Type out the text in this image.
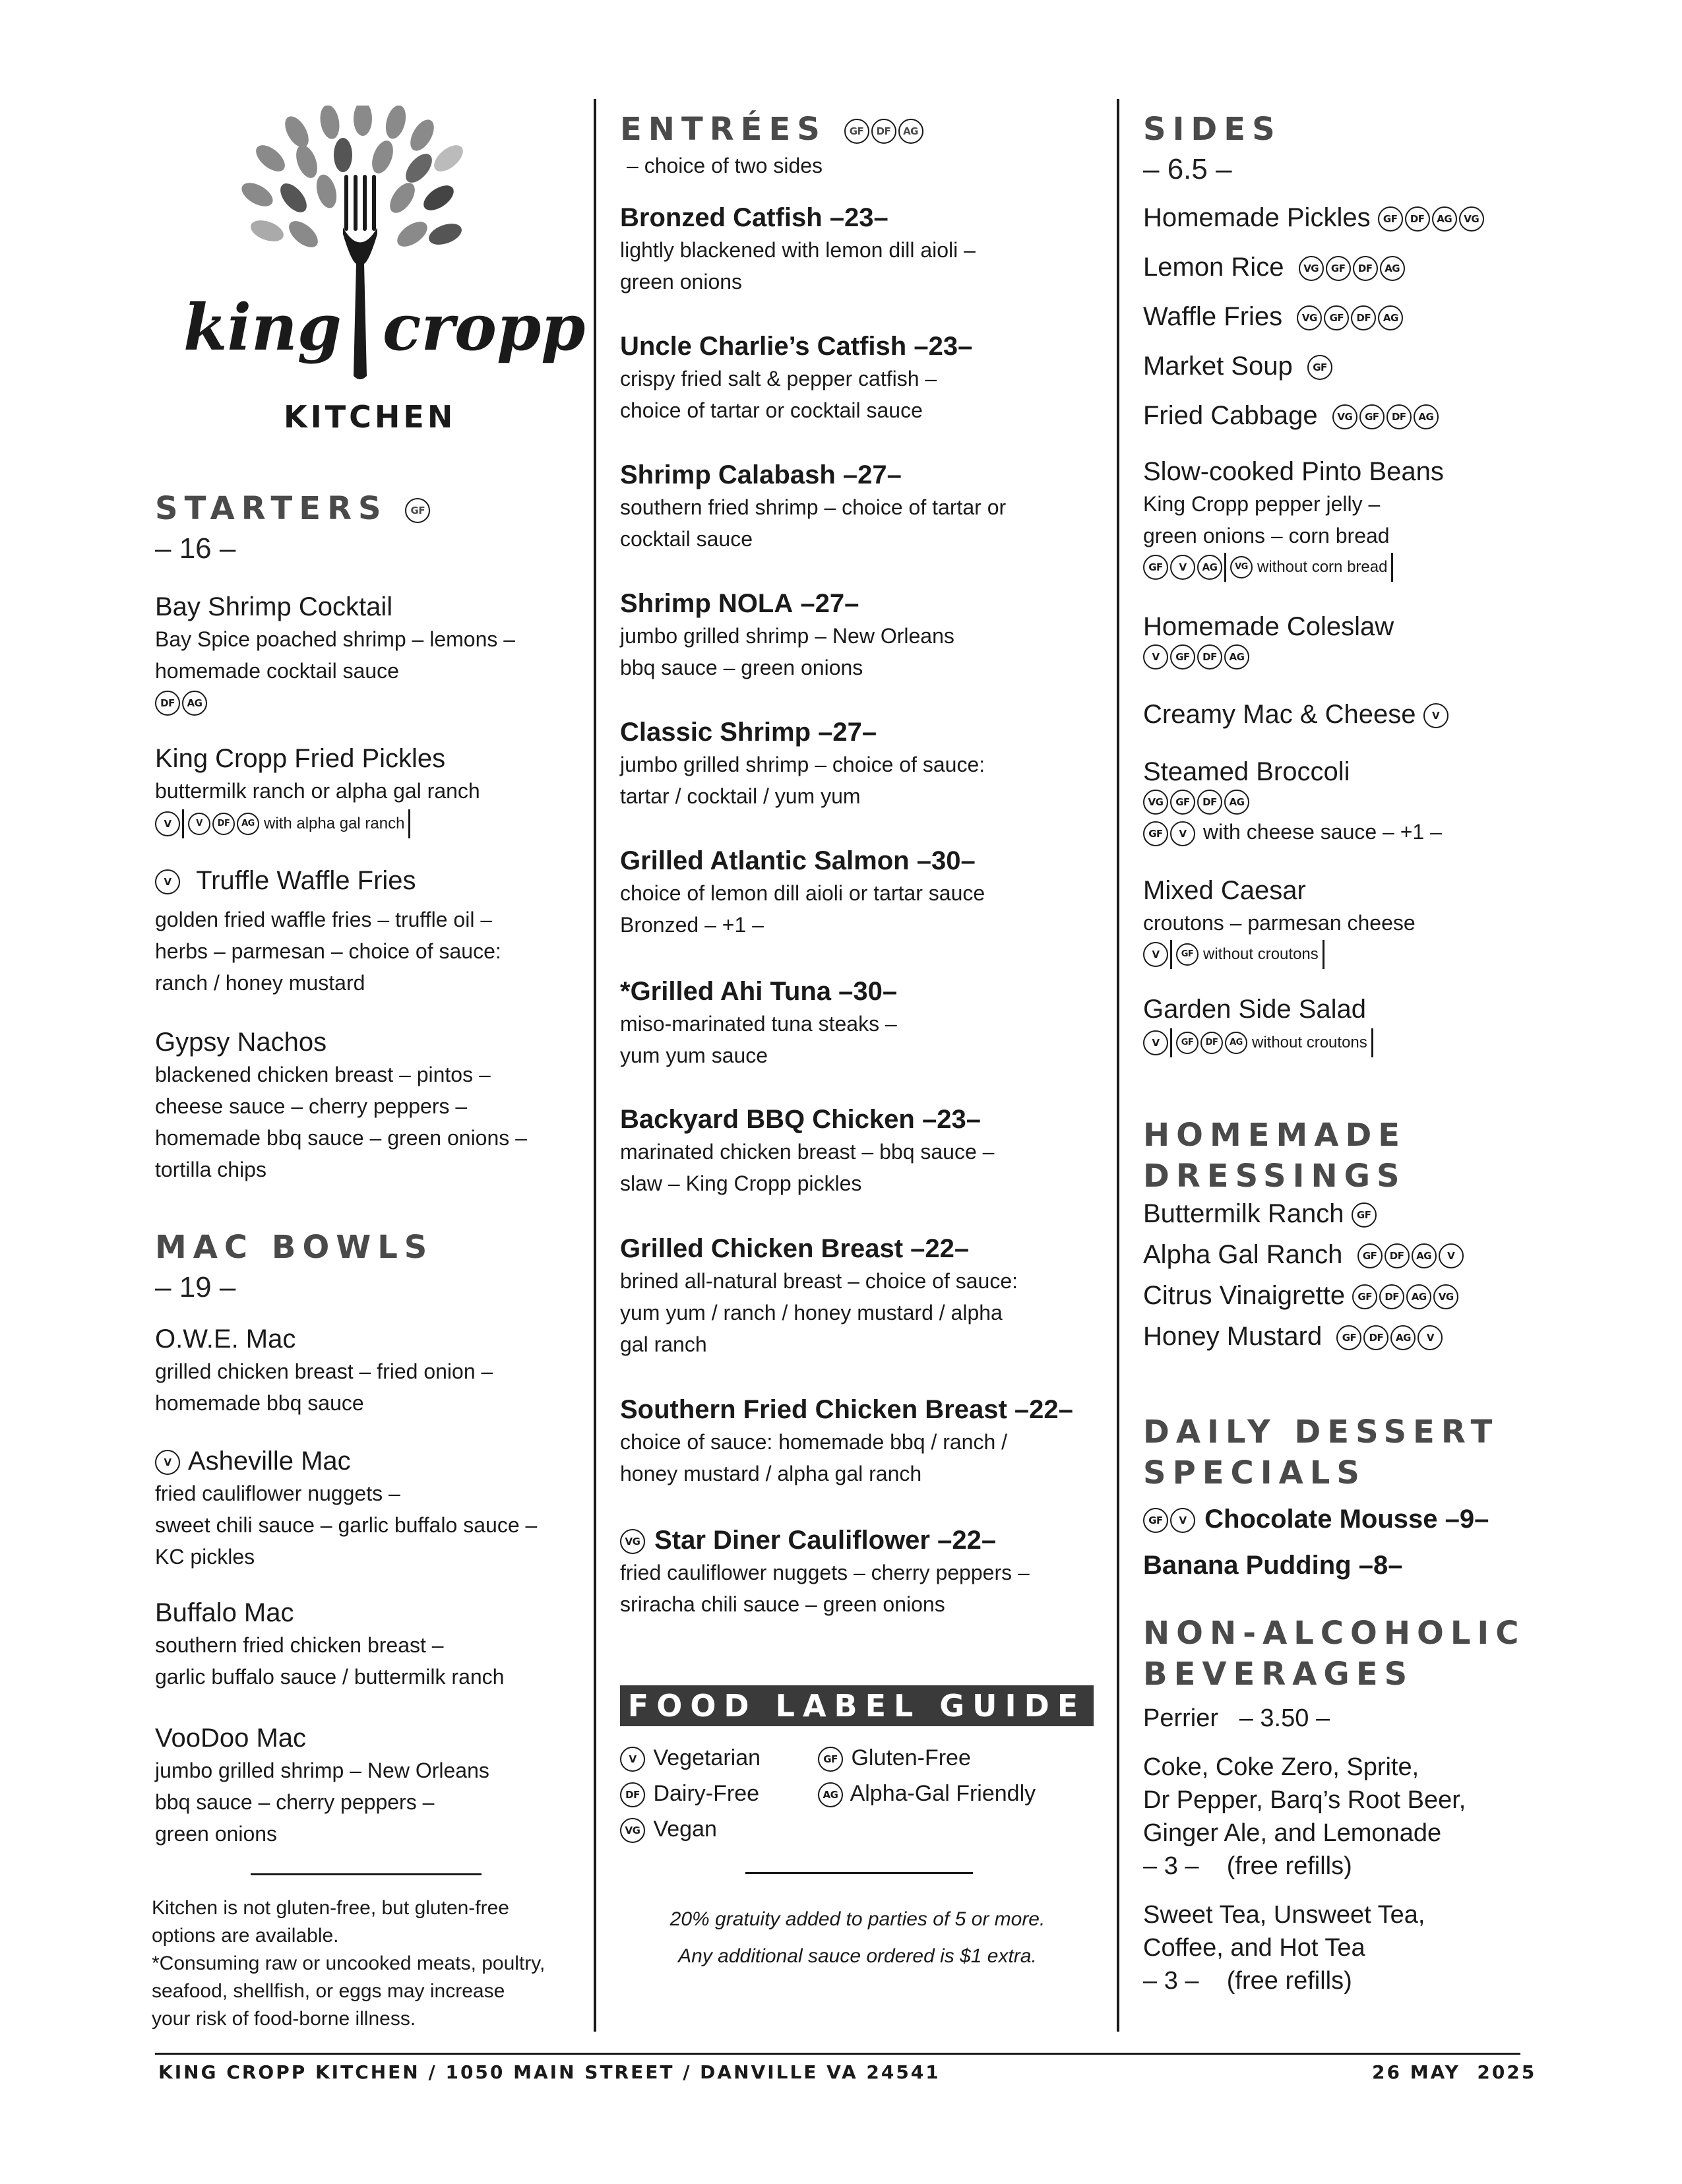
king cropp
KITCHEN
STARTERS GF
– 16 –
Bay Shrimp Cocktail
Bay Spice poached shrimp – lemons –
homemade cocktail sauce
DF AG
King Cropp Fried Pickles
buttermilk ranch or alpha gal ranch
V	V	DF	AG with alpha gal ranch
V Truffle Waffle Fries
golden fried waffle fries – truffle oil –
herbs – parmesan – choice of sauce:
ranch / honey mustard
Gypsy Nachos
blackened chicken breast – pintos –
cheese sauce – cherry peppers –
homemade bbq sauce – green onions –
tortilla chips
MAC BOWLS
– 19 –
O.W.E. Mac
grilled chicken breast – fried onion –
homemade bbq sauce
V Asheville Mac
fried cauliflower nuggets –
sweet chili sauce – garlic buffalo sauce –
KC pickles
Buffalo Mac
southern fried chicken breast –
garlic buffalo sauce / buttermilk ranch
VooDoo Mac
jumbo grilled shrimp – New Orleans
bbq sauce – cherry peppers –
green onions
Kitchen is not gluten-free, but gluten-free
options are available.
*Consuming raw or uncooked meats, poultry,
seafood, shellfish, or eggs may increase
your risk of food-borne illness.
ENTRÉES GF DF AG
– choice of two sides
Bronzed Catfish –23–
lightly blackened with lemon dill aioli –
green onions
Uncle Charlie’s Catfish –23–
crispy fried salt & pepper catfish –
choice of tartar or cocktail sauce
Shrimp Calabash –27–
southern fried shrimp – choice of tartar or
cocktail sauce
Shrimp NOLA –27–
jumbo grilled shrimp – New Orleans
bbq sauce – green onions
Classic Shrimp –27–
jumbo grilled shrimp – choice of sauce:
tartar / cocktail / yum yum
Grilled Atlantic Salmon –30–
choice of lemon dill aioli or tartar sauce
Bronzed – +1 –
*Grilled Ahi Tuna –30–
miso-marinated tuna steaks –
yum yum sauce
Backyard BBQ Chicken –23–
marinated chicken breast – bbq sauce –
slaw – King Cropp pickles
Grilled Chicken Breast –22–
brined all-natural breast – choice of sauce:
yum yum / ranch / honey mustard / alpha
gal ranch
Southern Fried Chicken Breast –22–
choice of sauce: homemade bbq / ranch /
honey mustard / alpha gal ranch
VG Star Diner Cauliflower –22–
fried cauliflower nuggets – cherry peppers –
sriracha chili sauce – green onions
FOOD LABEL GUIDE
V Vegetarian
DF Dairy-Free
VG Vegan
GF Gluten-Free
AG Alpha-Gal Friendly
20% gratuity added to parties of 5 or more.
Any additional sauce ordered is $1 extra.
SIDES
– 6.5 –
Homemade Pickles GF DF AG VG
Lemon Rice VG GF DF AG
Waffle Fries VG GF DF AG
Market Soup GF
Fried Cabbage VG GF DF AG
Slow-cooked Pinto Beans
King Cropp pepper jelly –
green onions – corn bread
GF	V	AG	VG without corn bread
Homemade Coleslaw
V GF DF AG
Creamy Mac & Cheese V
Steamed Broccoli
VG GF DF AG
GF V with cheese sauce – +1 –
Mixed Caesar
croutons – parmesan cheese
V	GF without croutons
Garden Side Salad
V	GF	DF	AG without croutons
HOMEMADE
DRESSINGS
Buttermilk Ranch GF
Alpha Gal Ranch GF DF AG V
Citrus Vinaigrette GF DF AG VG
Honey Mustard GF DF AG V
DAILY DESSERT
SPECIALS
GF V Chocolate Mousse –9–
Banana Pudding –8–
NON-ALCOHOLIC
BEVERAGES
Perrier – 3.50 –
Coke, Coke Zero, Sprite,
Dr Pepper, Barq’s Root Beer,
Ginger Ale, and Lemonade
– 3 –    (free refills)
Sweet Tea, Unsweet Tea,
Coffee, and Hot Tea
– 3 –    (free refills)
KING CROPP KITCHEN / 1050 MAIN STREET / DANVILLE VA 24541	26 MAY  2025
